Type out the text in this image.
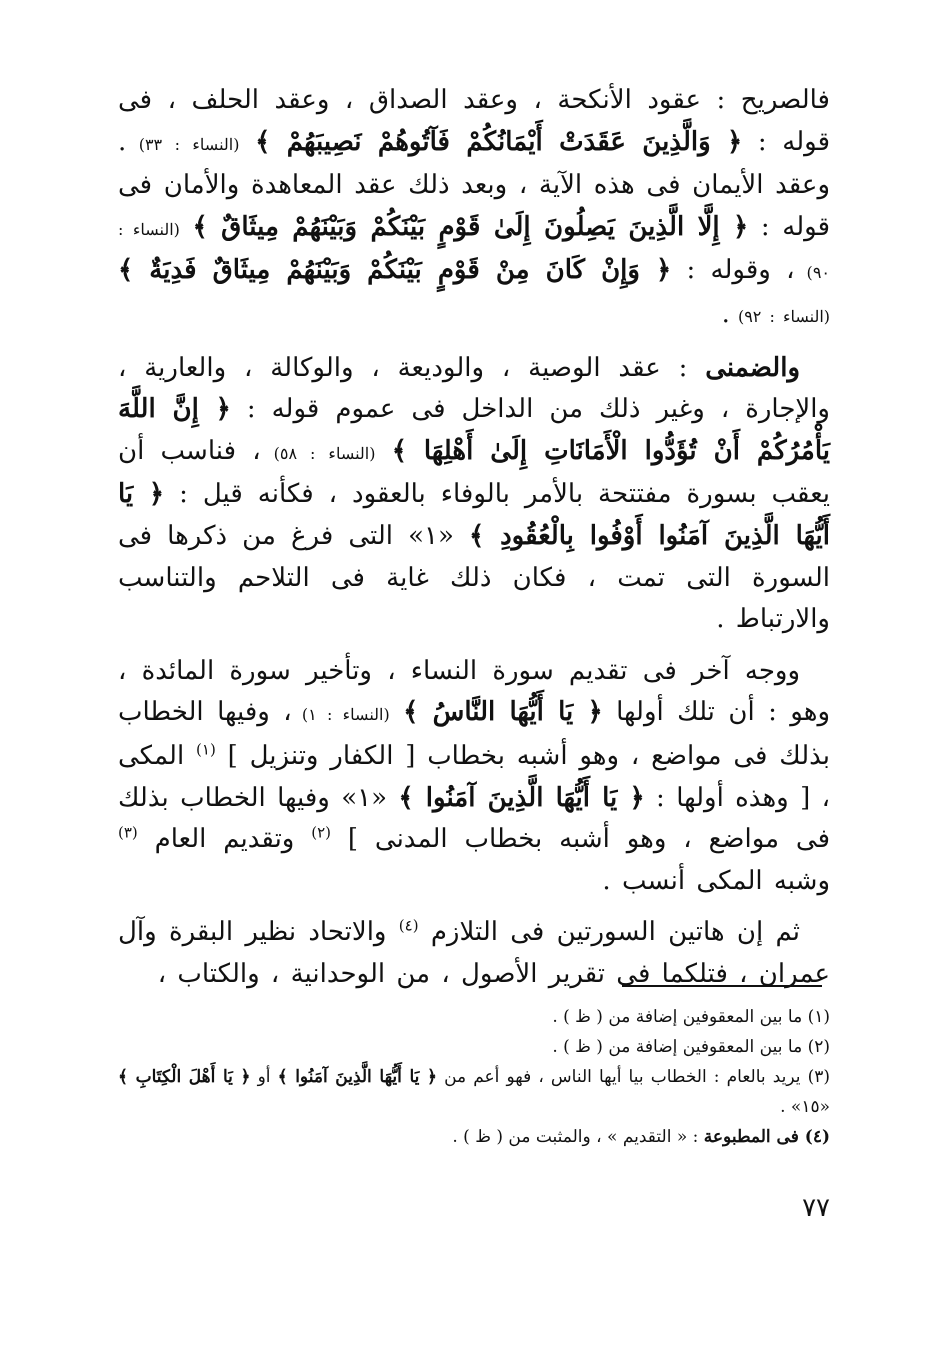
فالصريح : عقود الأنكحة ، وعقد الصداق ، وعقد الحلف ، فى قوله : ﴿ وَالَّذِينَ عَقَدَتْ أَيْمَانُكُمْ فَآتُوهُمْ نَصِيبَهُمْ ﴾ (النساء : ٣٣) . وعقد الأيمان فى هذه الآية ، وبعد ذلك عقد المعاهدة والأمان فى قوله : ﴿ إِلَّا الَّذِينَ يَصِلُونَ إِلَىٰ قَوْمٍ بَيْنَكُمْ وَبَيْنَهُمْ مِيثَاقٌ ﴾ (النساء : ٩٠) ، وقوله : ﴿ وَإِنْ كَانَ مِنْ قَوْمٍ بَيْنَكُمْ وَبَيْنَهُمْ مِيثَاقٌ فَدِيَةٌ ﴾ (النساء : ٩٢) .

والضمنى : عقد الوصية ، والوديعة ، والوكالة ، والعارية ، والإجارة ، وغير ذلك من الداخل فى عموم قوله : ﴿ إِنَّ اللَّهَ يَأْمُرُكُمْ أَنْ تُؤَدُّوا الْأَمَانَاتِ إِلَىٰ أَهْلِهَا ﴾ (النساء : ٥٨) ، فناسب أن يعقب بسورة مفتتحة بالأمر بالوفاء بالعقود ، فكأنه قيل : ﴿ يَا أَيُّهَا الَّذِينَ آمَنُوا أَوْفُوا بِالْعُقُودِ ﴾ «١» التى فرغ من ذكرها فى السورة التى تمت ، فكان ذلك غاية فى التلاحم والتناسب والارتباط .

ووجه آخر فى تقديم سورة النساء ، وتأخير سورة المائدة ، وهو : أن تلك أولها ﴿ يَا أَيُّهَا النَّاسُ ﴾ (النساء : ١) ، وفيها الخطاب بذلك فى مواضع ، وهو أشبه بخطاب [ الكفار وتنزيل ] $^{(١)}$ المكى ، [ وهذه أولها : ﴿ يَا أَيُّهَا الَّذِينَ آمَنُوا ﴾ «١» وفيها الخطاب بذلك فى مواضع ، وهو أشبه بخطاب المدنى ] $^{(٢)}$ وتقديم العام $^{(٣)}$ وشبه المكى أنسب .

ثم إن هاتين السورتين فى التلازم $^{(٤)}$ والاتحاد نظير البقرة وآل عمران ، فتلكما فى تقرير الأصول ، من الوحدانية ، والكتاب ،

(١) ما بين المعقوفين إضافة من ( ظ ) .

(٢) ما بين المعقوفين إضافة من ( ظ ) .

(٣) يريد بالعام : الخطاب بيا أيها الناس ، فهو أعم من ﴿ يَا أَيُّهَا الَّذِينَ آمَنُوا ﴾ أو ﴿ يَا أَهْلَ الْكِتَابِ ﴾ «١٥» .

(٤) فى المطبوعة : « التقديم » ، والمثبت من ( ظ ) .

٧٧
